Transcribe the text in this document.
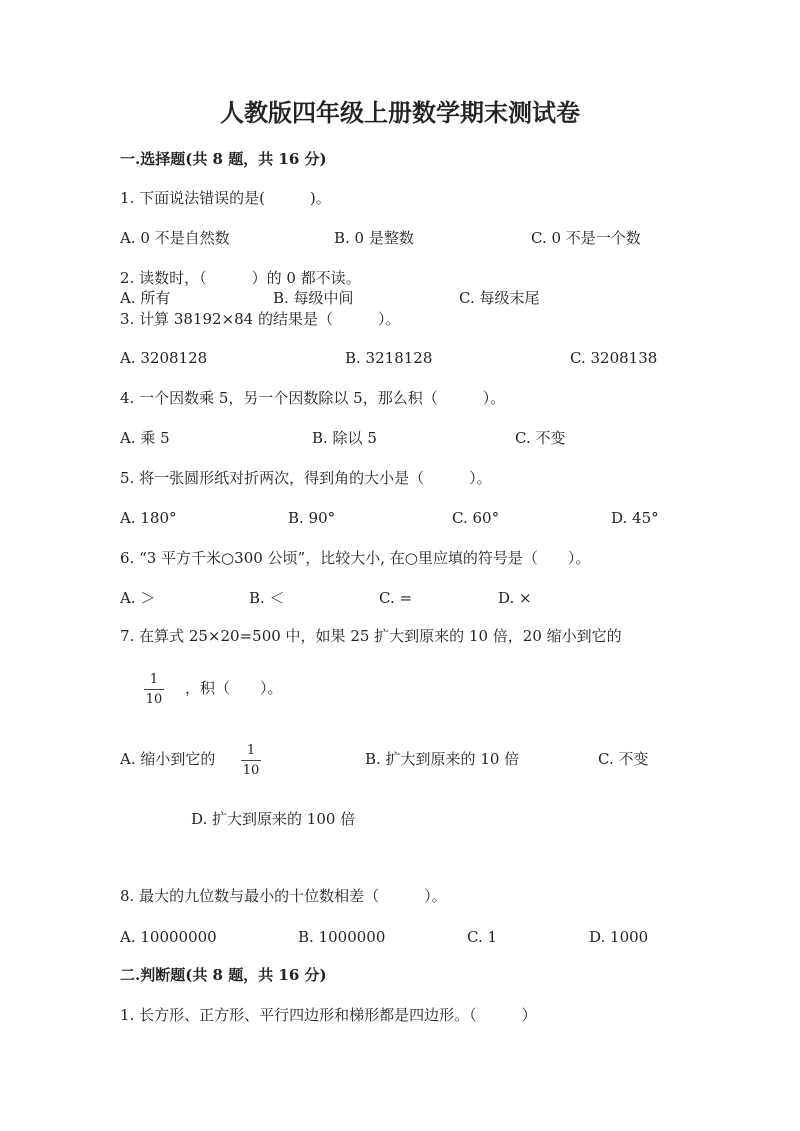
人教版四年级上册数学期末测试卷
一.选择题(共 8 题，共 16 分)
1. 下面说法错误的是(　　　)。
A. 0 不是自然数	B. 0 是整数	C. 0 不是一个数
2. 读数时，（　　　）的 0 都不读。
A. 所有	B. 每级中间	C. 每级末尾
3. 计算 38192×84 的结果是（　　　）。
A. 3208128	B. 3218128	C. 3208138
4. 一个因数乘 5，另一个因数除以 5，那么积（　　　）。
A. 乘 5	B. 除以 5	C. 不变
5. 将一张圆形纸对折两次，得到角的大小是（　　　）。
A. 180°	B. 90°	C. 60°	D. 45°
6. “3 平方千米○300 公顷”，比较大小, 在○里应填的符号是（　　）。
A. ＞	B. ＜	C. =	D. ×
7. 在算式 25×20=500 中，如果 25 扩大到原来的 10 倍，20 缩小到它的
1
10
，积（　　）。
A. 缩小到它的	1
10
B. 扩大到原来的 10 倍	C. 不变
D. 扩大到原来的 100 倍
8. 最大的九位数与最小的十位数相差（　　　）。
A. 10000000	B. 1000000	C. 1	D. 1000
二.判断题(共 8 题，共 16 分)
1. 长方形、正方形、平行四边形和梯形都是四边形。（　　　）
